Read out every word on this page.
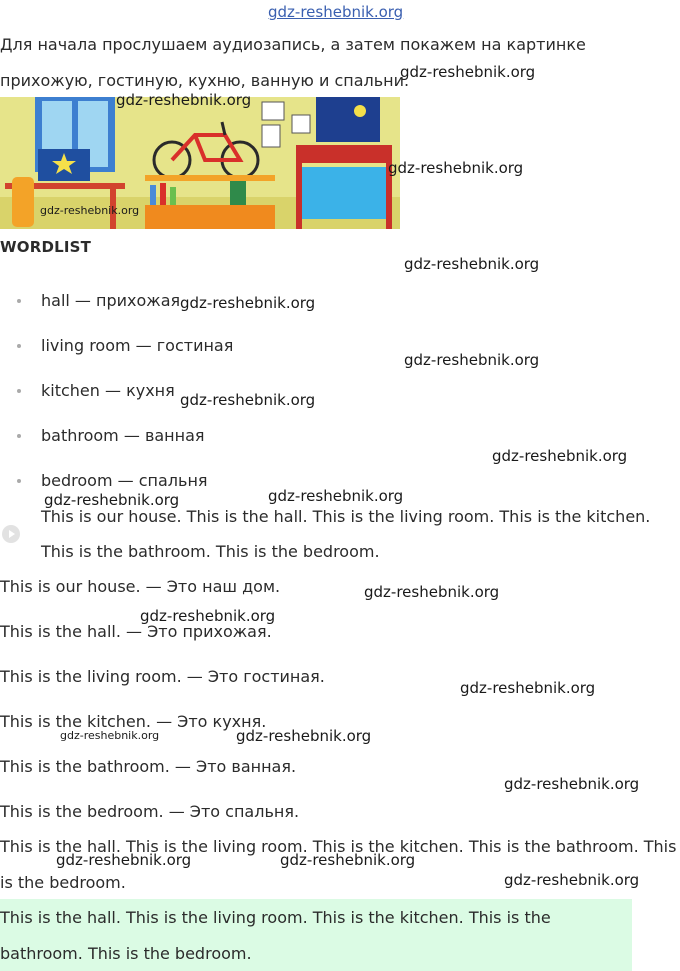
gdz-reshebnik.org
Для начала прослушаем аудиозапись, а затем покажем на картинке
прихожую, гостиную, кухню, ванную и спальни.
WORDLIST
hall — прихожая
living room — гостиная
kitchen — кухня
bathroom — ванная
bedroom — спальня
This is our house. This is the hall. This is the living room. This is the kitchen.
This is the bathroom. This is the bedroom.
This is our house. — Это наш дом.
This is the hall. — Это прихожая.
This is the living room. — Это гостиная.
This is the kitchen. — Это кухня.
This is the bathroom. — Это ванная.
This is the bedroom. — Это спальня.
This is the hall. This is the living room. This is the kitchen. This is the bathroom. This
is the bedroom.
This is the hall. This is the living room. This is the kitchen. This is the
bathroom. This is the bedroom.
gdz-reshebnik.org
gdz-reshebnik.org
gdz-reshebnik.org
gdz-reshebnik.org
gdz-reshebnik.org
gdz-reshebnik.org
gdz-reshebnik.org
gdz-reshebnik.org
gdz-reshebnik.org
gdz-reshebnik.org	gdz-reshebnik.org
gdz-reshebnik.org
gdz-reshebnik.org
gdz-reshebnik.org
gdz-reshebnik.org	gdz-reshebnik.org
gdz-reshebnik.org
gdz-reshebnik.org	gdz-reshebnik.org
gdz-reshebnik.org
